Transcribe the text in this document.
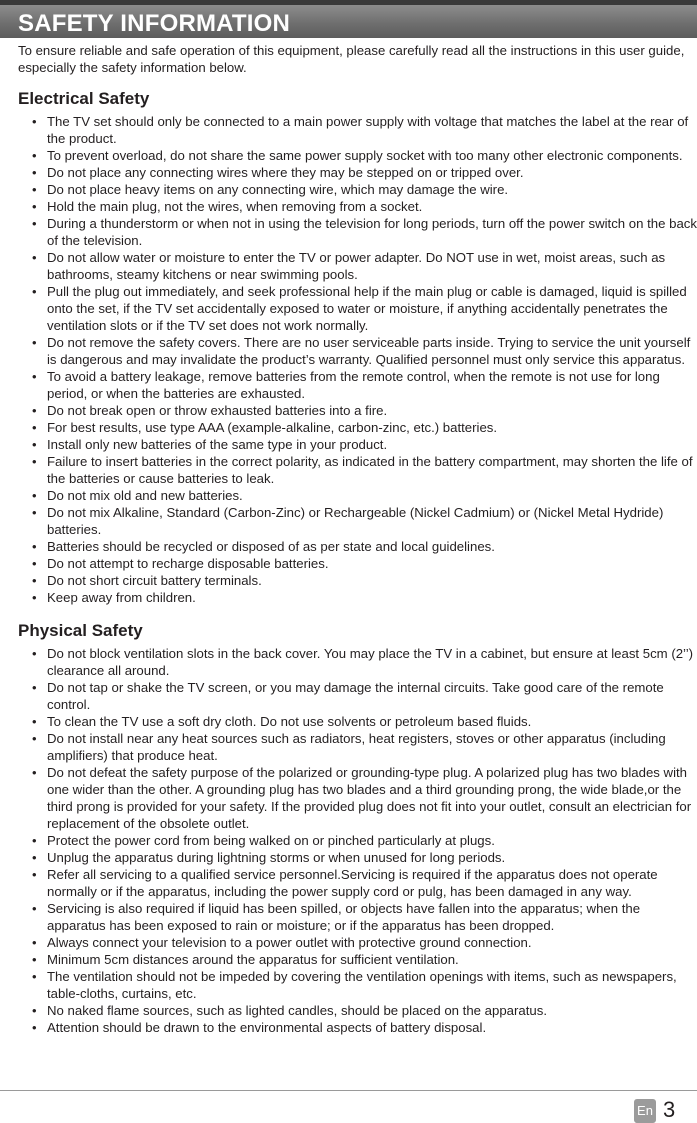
SAFETY INFORMATION

To ensure reliable and safe operation of this equipment, please carefully read all the instructions in this user guide, especially the safety information below.

Electrical Safety
• The TV set should only be connected to a main power supply with voltage that matches the label at the rear of the product.
• To prevent overload, do not share the same power supply socket with too many other electronic components.
• Do not place any connecting wires where they may be stepped on or tripped over.
• Do not place heavy items on any connecting wire, which may damage the wire.
• Hold the main plug, not the wires, when removing from a socket.
• During a thunderstorm or when not in using the television for long periods, turn off the power switch on the back of the television.
• Do not allow water or moisture to enter the TV or power adapter. Do NOT use in wet, moist areas, such as bathrooms, steamy kitchens or near swimming pools.
• Pull the plug out immediately, and seek professional help if the main plug or cable is damaged, liquid is spilled onto the set, if the TV set accidentally exposed to water or moisture, if anything accidentally penetrates the ventilation slots or if the TV set does not work normally.
• Do not remove the safety covers. There are no user serviceable parts inside. Trying to service the unit yourself is dangerous and may invalidate the product’s warranty. Qualified personnel must only service this apparatus.
• To avoid a battery leakage, remove batteries from the remote control, when the remote is not use for long period, or when the batteries are exhausted.
• Do not break open or throw exhausted batteries into a fire.
• For best results, use type AAA (example-alkaline, carbon-zinc, etc.) batteries.
• Install only new batteries of the same type in your product.
• Failure to insert batteries in the correct polarity, as indicated in the battery compartment, may shorten the life of the batteries or cause batteries to leak.
• Do not mix old and new batteries.
• Do not mix Alkaline, Standard (Carbon-Zinc) or Rechargeable (Nickel Cadmium) or (Nickel Metal Hydride) batteries.
• Batteries should be recycled or disposed of as per state and local guidelines.
• Do not attempt to recharge disposable batteries.
• Do not short circuit battery terminals.
• Keep away from children.
Physical Safety
• Do not block ventilation slots in the back cover. You may place the TV in a cabinet, but ensure at least 5cm (2’’) clearance all around.
• Do not tap or shake the TV screen, or you may damage the internal circuits. Take good care of the remote control.
• To clean the TV use a soft dry cloth. Do not use solvents or petroleum based fluids.
• Do not install near any heat sources such as radiators, heat registers, stoves or other apparatus (including amplifiers) that produce heat.
• Do not defeat the safety purpose of the polarized or grounding-type plug. A polarized plug has two blades with one wider than the other. A grounding plug has two blades and a third grounding prong, the wide blade,or the third prong is provided for your safety. If the provided plug does not fit into your outlet, consult an electrician for replacement of the obsolete outlet.
• Protect the power cord from being walked on or pinched particularly at plugs.
• Unplug the apparatus during lightning storms or when unused for long periods.
• Refer all servicing to a qualified service personnel.Servicing is required if the apparatus does not operate normally or if the apparatus, including the power supply cord or pulg, has been damaged in any way.
• Servicing is also required if liquid has been spilled, or objects have fallen into the apparatus; when the apparatus has been exposed to rain or moisture; or if the apparatus has been dropped.
• Always connect your television to a power outlet with protective ground connection.
• Minimum 5cm distances around the apparatus for sufficient ventilation.
• The ventilation should not be impeded by covering the ventilation openings with items, such as newspapers, table-cloths, curtains, etc.
• No naked flame sources, such as lighted candles, should be placed on the apparatus.
• Attention should be drawn to the environmental aspects of battery disposal.
En 3
